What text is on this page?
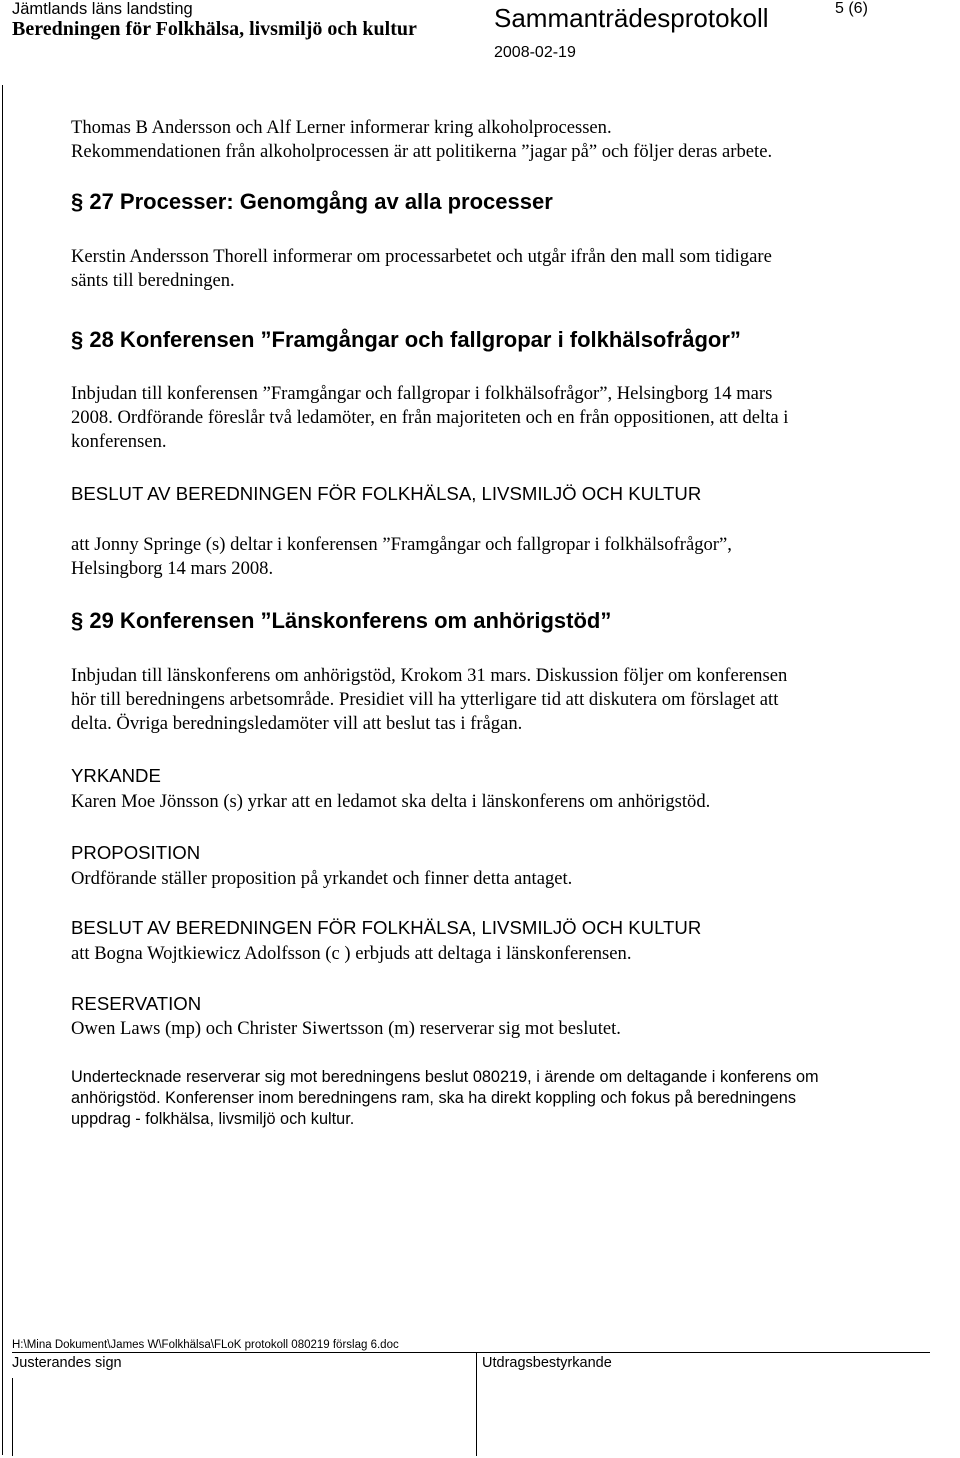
Jämtlands läns landsting
Beredningen för Folkhälsa, livsmiljö och kultur	Sammanträdesprotokoll	5 (6)
2008-02-19
Thomas B Andersson och Alf Lerner informerar kring alkoholprocessen.
Rekommendationen från alkoholprocessen är att politikerna ”jagar på” och följer deras arbete.
§ 27 Processer: Genomgång av alla processer
Kerstin Andersson Thorell informerar om processarbetet och utgår ifrån den mall som tidigare
sänts till beredningen.
§ 28 Konferensen ”Framgångar och fallgropar i folkhälsofrågor”
Inbjudan till konferensen ”Framgångar och fallgropar i folkhälsofrågor”, Helsingborg 14 mars
2008. Ordförande föreslår två ledamöter, en från majoriteten och en från oppositionen, att delta i
konferensen.
BESLUT AV BEREDNINGEN FÖR FOLKHÄLSA, LIVSMILJÖ OCH KULTUR
att Jonny Springe (s) deltar i konferensen ”Framgångar och fallgropar i folkhälsofrågor”,
Helsingborg 14 mars 2008.
§ 29 Konferensen ”Länskonferens om anhörigstöd”
Inbjudan till länskonferens om anhörigstöd, Krokom 31 mars. Diskussion följer om konferensen
hör till beredningens arbetsområde. Presidiet vill ha ytterligare tid att diskutera om förslaget att
delta. Övriga beredningsledamöter vill att beslut tas i frågan.
YRKANDE
Karen Moe Jönsson (s) yrkar att en ledamot ska delta i länskonferens om anhörigstöd.
PROPOSITION
Ordförande ställer proposition på yrkandet och finner detta antaget.
BESLUT AV BEREDNINGEN FÖR FOLKHÄLSA, LIVSMILJÖ OCH KULTUR
att Bogna Wojtkiewicz Adolfsson (c ) erbjuds att deltaga i länskonferensen.
RESERVATION
Owen Laws (mp) och Christer Siwertsson (m) reserverar sig mot beslutet.
Undertecknade reserverar sig mot beredningens beslut 080219, i ärende om deltagande i konferens om
anhörigstöd. Konferenser inom beredningens ram, ska ha direkt koppling och fokus på beredningens
uppdrag - folkhälsa, livsmiljö och kultur.
H:\Mina Dokument\James W\Folkhälsa\FLoK protokoll 080219 förslag 6.doc
Justerandes sign	Utdragsbestyrkande
